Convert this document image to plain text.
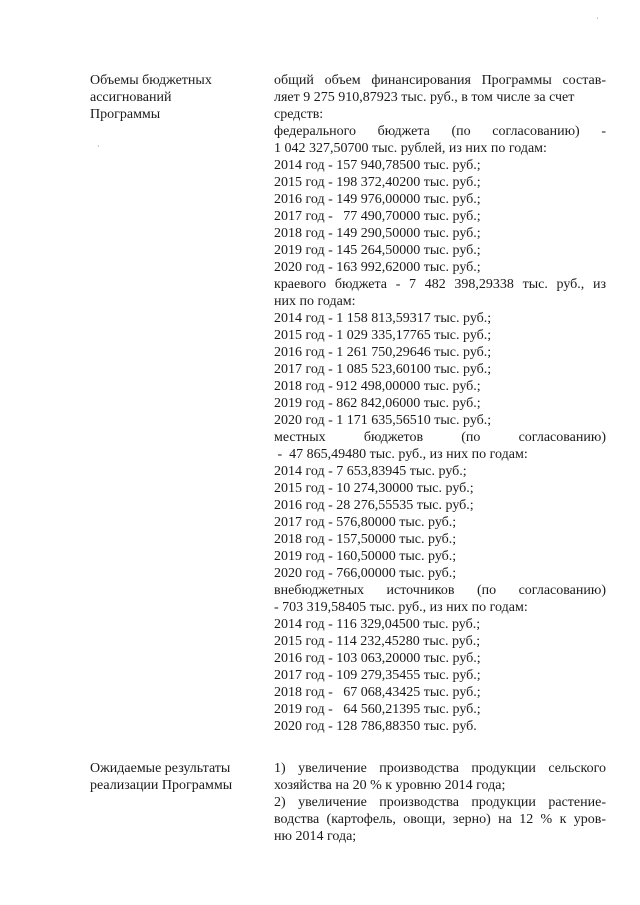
Объемы бюджетных
ассигнований
Программы
общий объем финансирования Программы состав-
ляет 9 275 910,87923 тыс. руб., в том числе за счет
средств:
федерального бюджета (по согласованию) -
1 042 327,50700 тыс. рублей, из них по годам:
2014 год - 157 940,78500 тыс. руб.;
2015 год - 198 372,40200 тыс. руб.;
2016 год - 149 976,00000 тыс. руб.;
2017 год -   77 490,70000 тыс. руб.;
2018 год - 149 290,50000 тыс. руб.;
2019 год - 145 264,50000 тыс. руб.;
2020 год - 163 992,62000 тыс. руб.;
краевого бюджета - 7 482 398,29338 тыс. руб., из
них по годам:
2014 год - 1 158 813,59317 тыс. руб.;
2015 год - 1 029 335,17765 тыс. руб.;
2016 год - 1 261 750,29646 тыс. руб.;
2017 год - 1 085 523,60100 тыс. руб.;
2018 год - 912 498,00000 тыс. руб.;
2019 год - 862 842,06000 тыс. руб.;
2020 год - 1 171 635,56510 тыс. руб.;
местных бюджетов (по согласованию)
-  47 865,49480 тыс. руб., из них по годам:
2014 год - 7 653,83945 тыс. руб.;
2015 год - 10 274,30000 тыс. руб.;
2016 год - 28 276,55535 тыс. руб.;
2017 год - 576,80000 тыс. руб.;
2018 год - 157,50000 тыс. руб.;
2019 год - 160,50000 тыс. руб.;
2020 год - 766,00000 тыс. руб.;
внебюджетных источников (по согласованию)
- 703 319,58405 тыс. руб., из них по годам:
2014 год - 116 329,04500 тыс. руб.;
2015 год - 114 232,45280 тыс. руб.;
2016 год - 103 063,20000 тыс. руб.;
2017 год - 109 279,35455 тыс. руб.;
2018 год -   67 068,43425 тыс. руб.;
2019 год -   64 560,21395 тыс. руб.;
2020 год - 128 786,88350 тыс. руб.
Ожидаемые результаты
реализации Программы
1) увеличение производства продукции сельского
хозяйства на 20 % к уровню 2014 года;
2) увеличение производства продукции растение-
водства (картофель, овощи, зерно) на 12 % к уров-
ню 2014 года;
·
·
